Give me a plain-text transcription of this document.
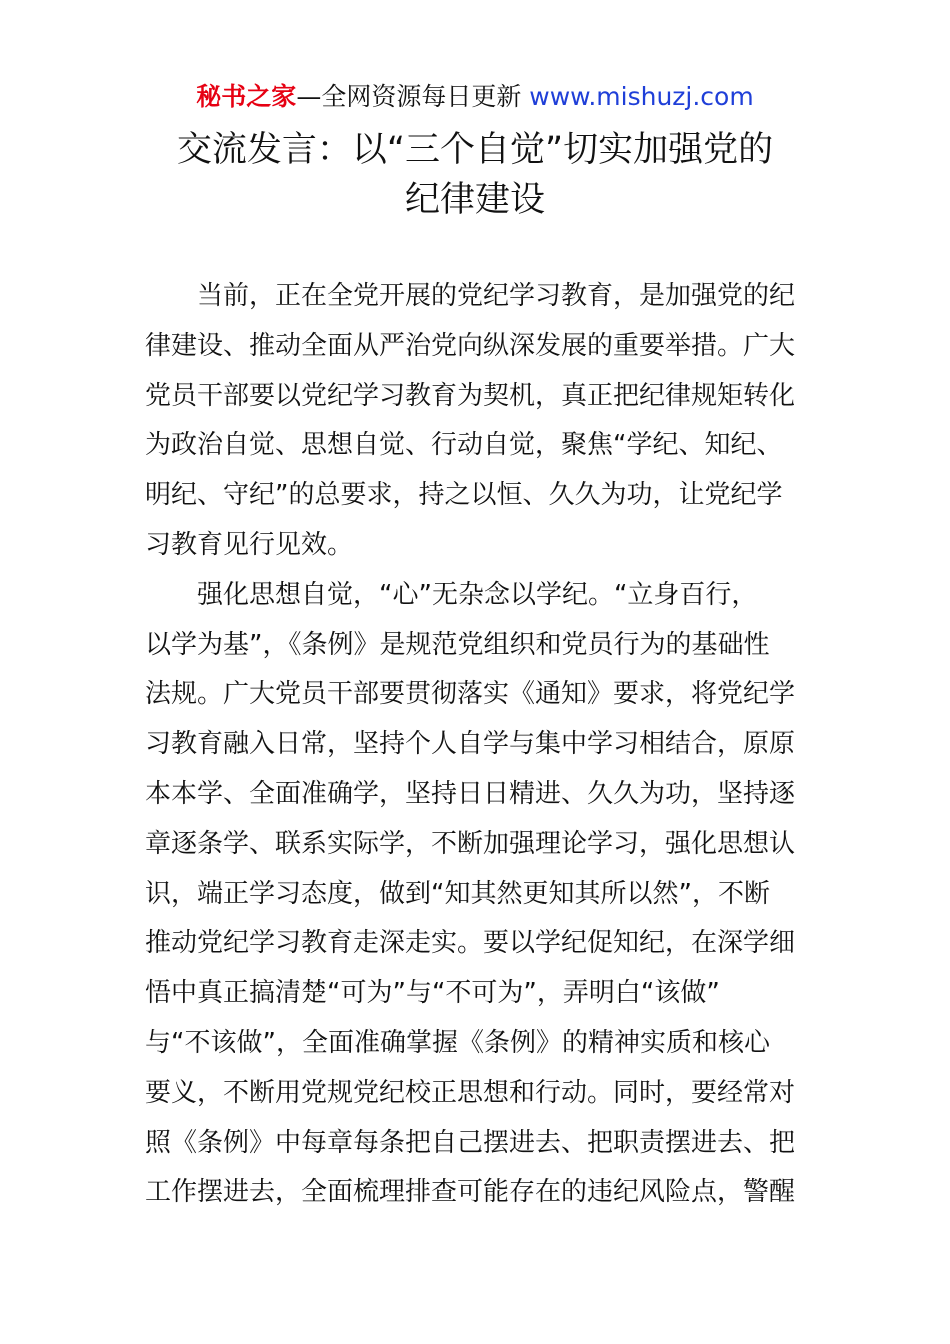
秘书之家—全网资源每日更新 www.mishuzj.com
交流发言：以“三个自觉”切实加强党的
纪律建设
当前，正在全党开展的党纪学习教育，是加强党的纪
律建设、推动全面从严治党向纵深发展的重要举措。广大
党员干部要以党纪学习教育为契机，真正把纪律规矩转化
为政治自觉、思想自觉、行动自觉，聚焦“学纪、知纪、
明纪、守纪”的总要求，持之以恒、久久为功，让党纪学
习教育见行见效。
强化思想自觉，“心”无杂念以学纪。“立身百行，
以学为基”，《条例》是规范党组织和党员行为的基础性
法规。广大党员干部要贯彻落实《通知》要求，将党纪学
习教育融入日常，坚持个人自学与集中学习相结合，原原
本本学、全面准确学，坚持日日精进、久久为功，坚持逐
章逐条学、联系实际学，不断加强理论学习，强化思想认
识，端正学习态度，做到“知其然更知其所以然”，不断
推动党纪学习教育走深走实。要以学纪促知纪，在深学细
悟中真正搞清楚“可为”与“不可为”，弄明白“该做”
与“不该做”，全面准确掌握《条例》的精神实质和核心
要义，不断用党规党纪校正思想和行动。同时，要经常对
照《条例》中每章每条把自己摆进去、把职责摆进去、把
工作摆进去，全面梳理排查可能存在的违纪风险点，警醒
